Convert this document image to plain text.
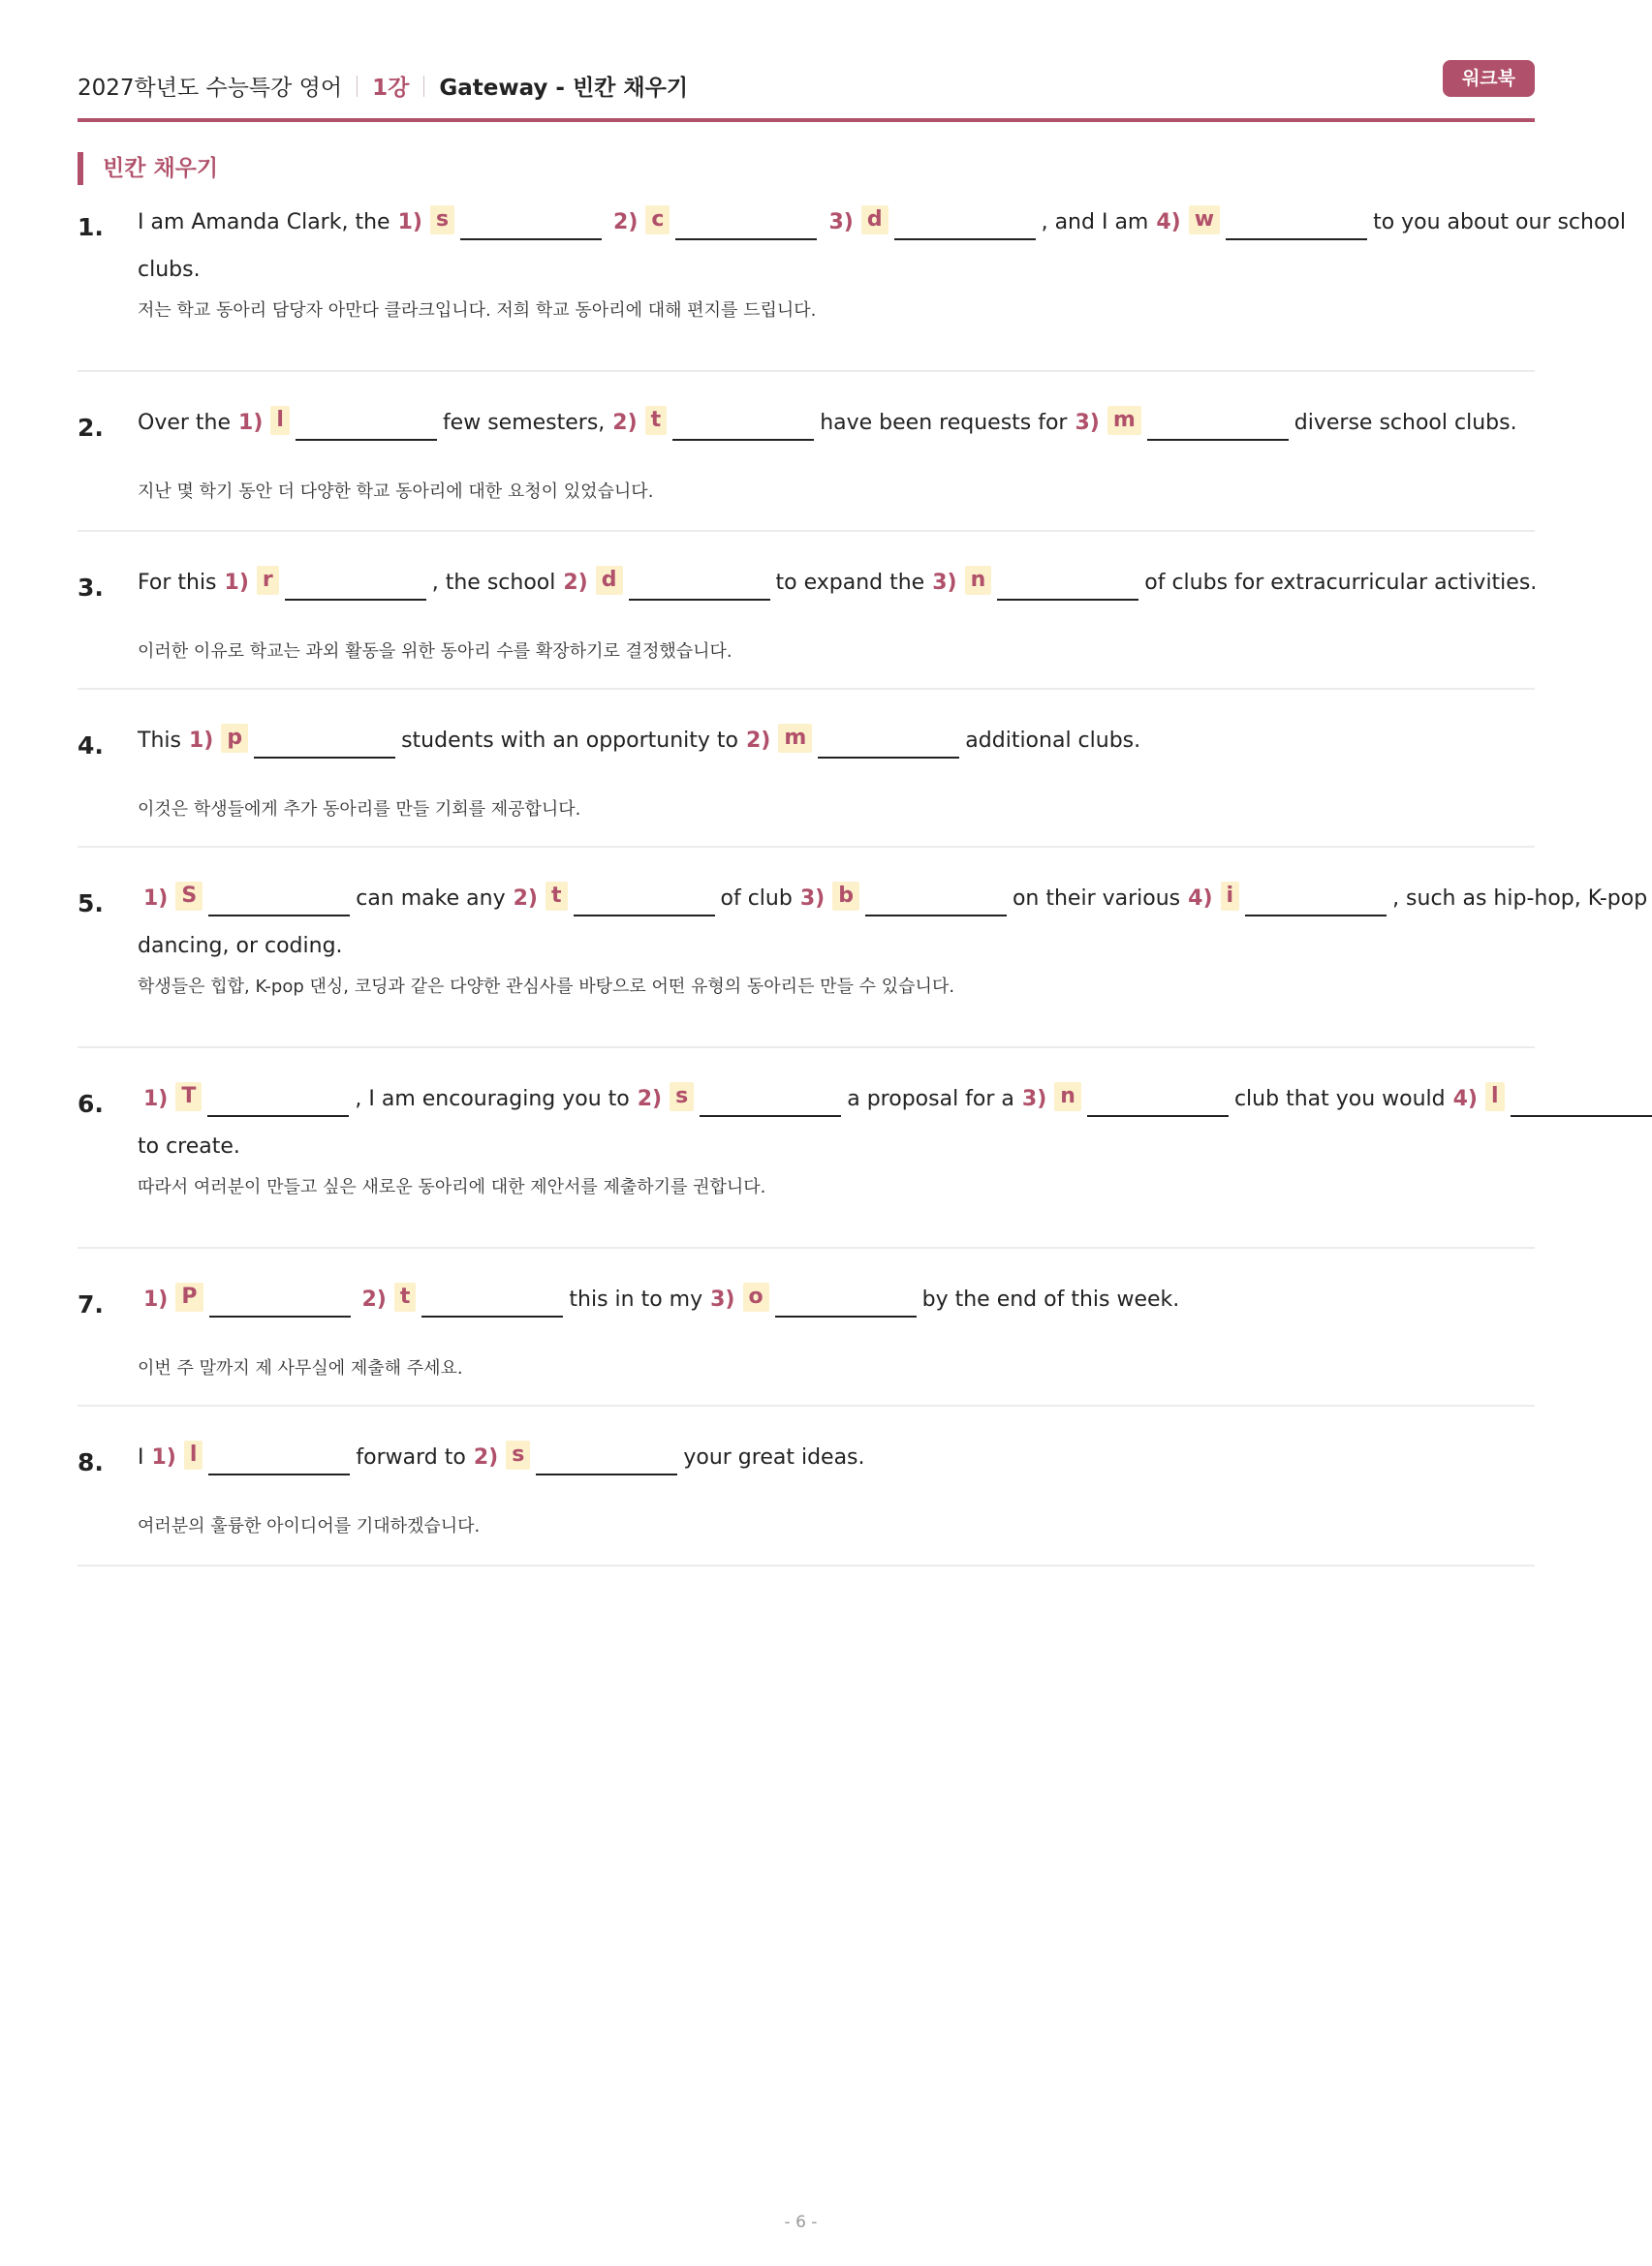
2027학년도 수능특강 영어 1강 Gateway - 빈칸 채우기	워크북
빈칸 채우기
1. I am Amanda Clark, the 1) s	2) c	3) d	, and I am 4) w	to you about our school
clubs.
저는 학교 동아리 담당자 아만다 클라크입니다. 저희 학교 동아리에 대해 편지를 드립니다.
2. Over the 1) l	few semesters, 2) t	have been requests for 3) m	diverse school clubs.
지난 몇 학기 동안 더 다양한 학교 동아리에 대한 요청이 있었습니다.
3. For this 1) r	, the school 2) d	to expand the 3) n	of clubs for extracurricular activities.
이러한 이유로 학교는 과외 활동을 위한 동아리 수를 확장하기로 결정했습니다.
4. This 1) p	students with an opportunity to 2) m	additional clubs.
이것은 학생들에게 추가 동아리를 만들 기회를 제공합니다.
5. 1) S	can make any 2) t	of club 3) b	on their various 4) i	, such as hip-hop, K-pop
dancing, or coding.
학생들은 힙합, K-pop 댄싱, 코딩과 같은 다양한 관심사를 바탕으로 어떤 유형의 동아리든 만들 수 있습니다.
6. 1) T	, I am encouraging you to 2) s	a proposal for a 3) n	club that you would 4) l
to create.
따라서 여러분이 만들고 싶은 새로운 동아리에 대한 제안서를 제출하기를 권합니다.
7. 1) P	2) t	this in to my 3) o	by the end of this week.
이번 주 말까지 제 사무실에 제출해 주세요.
8. I 1) l	forward to 2) s	your great ideas.
여러분의 훌륭한 아이디어를 기대하겠습니다.
- 6 -
